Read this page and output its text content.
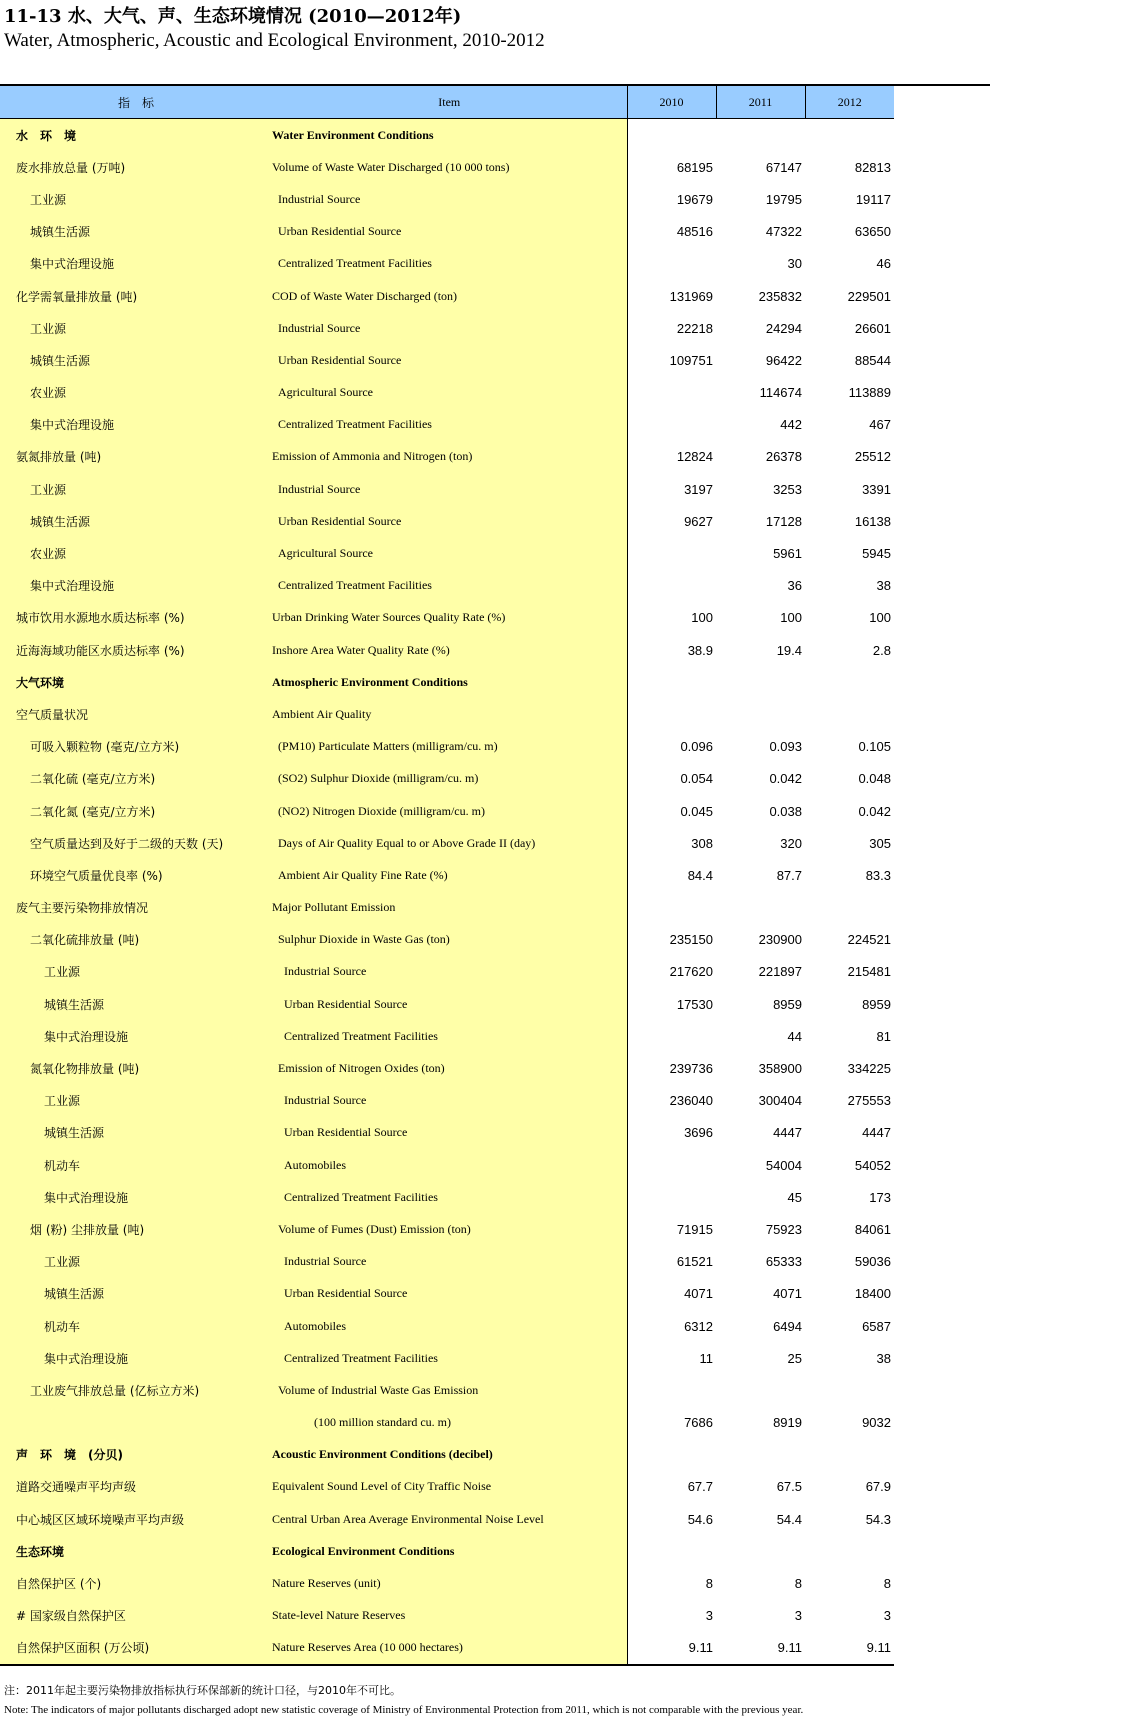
11-13 水、大气、声、生态环境情况 (2010—2012年)
Water, Atmospheric, Acoustic and Ecological Environment, 2010-2012
指　标	Item	2010	2011	2012	
水　环　境	Water Environment Conditions				
废水排放总量 (万吨)	Volume of Waste Water Discharged (10 000 tons)	68195	67147	82813	
工业源	Industrial Source	19679	19795	19117	
城镇生活源	Urban Residential Source	48516	47322	63650	
集中式治理设施	Centralized Treatment Facilities		30	46	
化学需氧量排放量 (吨)	COD of Waste Water Discharged (ton)	131969	235832	229501	
工业源	Industrial Source	22218	24294	26601	
城镇生活源	Urban Residential Source	109751	96422	88544	
农业源	Agricultural Source		114674	113889	
集中式治理设施	Centralized Treatment Facilities		442	467	
氨氮排放量 (吨)	Emission of Ammonia and Nitrogen (ton)	12824	26378	25512	
工业源	Industrial Source	3197	3253	3391	
城镇生活源	Urban Residential Source	9627	17128	16138	
农业源	Agricultural Source		5961	5945	
集中式治理设施	Centralized Treatment Facilities		36	38	
城市饮用水源地水质达标率 (%)	Urban Drinking Water Sources Quality Rate (%)	100	100	100	
近海海域功能区水质达标率 (%)	Inshore Area Water Quality Rate (%)	38.9	19.4	2.8	
大气环境	Atmospheric Environment Conditions				
空气质量状况	Ambient Air Quality				
可吸入颗粒物 (毫克/立方米)	(PM10) Particulate Matters (milligram/cu. m)	0.096	0.093	0.105	
二氧化硫 (毫克/立方米)	(SO2) Sulphur Dioxide (milligram/cu. m)	0.054	0.042	0.048	
二氧化氮 (毫克/立方米)	(NO2) Nitrogen Dioxide (milligram/cu. m)	0.045	0.038	0.042	
空气质量达到及好于二级的天数 (天)	Days of Air Quality Equal to or Above Grade II (day)	308	320	305	
环境空气质量优良率 (%)	Ambient Air Quality Fine Rate (%)	84.4	87.7	83.3	
废气主要污染物排放情况	Major Pollutant Emission				
二氧化硫排放量 (吨)	Sulphur Dioxide in Waste Gas (ton)	235150	230900	224521	
工业源	Industrial Source	217620	221897	215481	
城镇生活源	Urban Residential Source	17530	8959	8959	
集中式治理设施	Centralized Treatment Facilities		44	81	
氮氧化物排放量 (吨)	Emission of Nitrogen Oxides (ton)	239736	358900	334225	
工业源	Industrial Source	236040	300404	275553	
城镇生活源	Urban Residential Source	3696	4447	4447	
机动车	Automobiles		54004	54052	
集中式治理设施	Centralized Treatment Facilities		45	173	
烟 (粉) 尘排放量 (吨)	Volume of Fumes (Dust) Emission (ton)	71915	75923	84061	
工业源	Industrial Source	61521	65333	59036	
城镇生活源	Urban Residential Source	4071	4071	18400	
机动车	Automobiles	6312	6494	6587	
集中式治理设施	Centralized Treatment Facilities	11	25	38	
工业废气排放总量 (亿标立方米)	Volume of Industrial Waste Gas Emission				
	(100 million standard cu. m)	7686	8919	9032	
声　环　境　(分贝)	Acoustic Environment Conditions (decibel)				
道路交通噪声平均声级	Equivalent Sound Level of City Traffic Noise	67.7	67.5	67.9	
中心城区区域环境噪声平均声级	Central Urban Area Average Environmental Noise Level	54.6	54.4	54.3	
生态环境	Ecological Environment Conditions				
自然保护区 (个)	Nature Reserves (unit)	8	8	8	
# 国家级自然保护区	State-level Nature Reserves	3	3	3	
自然保护区面积 (万公顷)	Nature Reserves Area (10 000 hectares)	9.11	9.11	9.11	
注：2011年起主要污染物排放指标执行环保部新的统计口径，与2010年不可比。
Note: The indicators of major pollutants discharged adopt new statistic coverage of Ministry of Environmental Protection from 2011, which is not comparable with the previous year.
